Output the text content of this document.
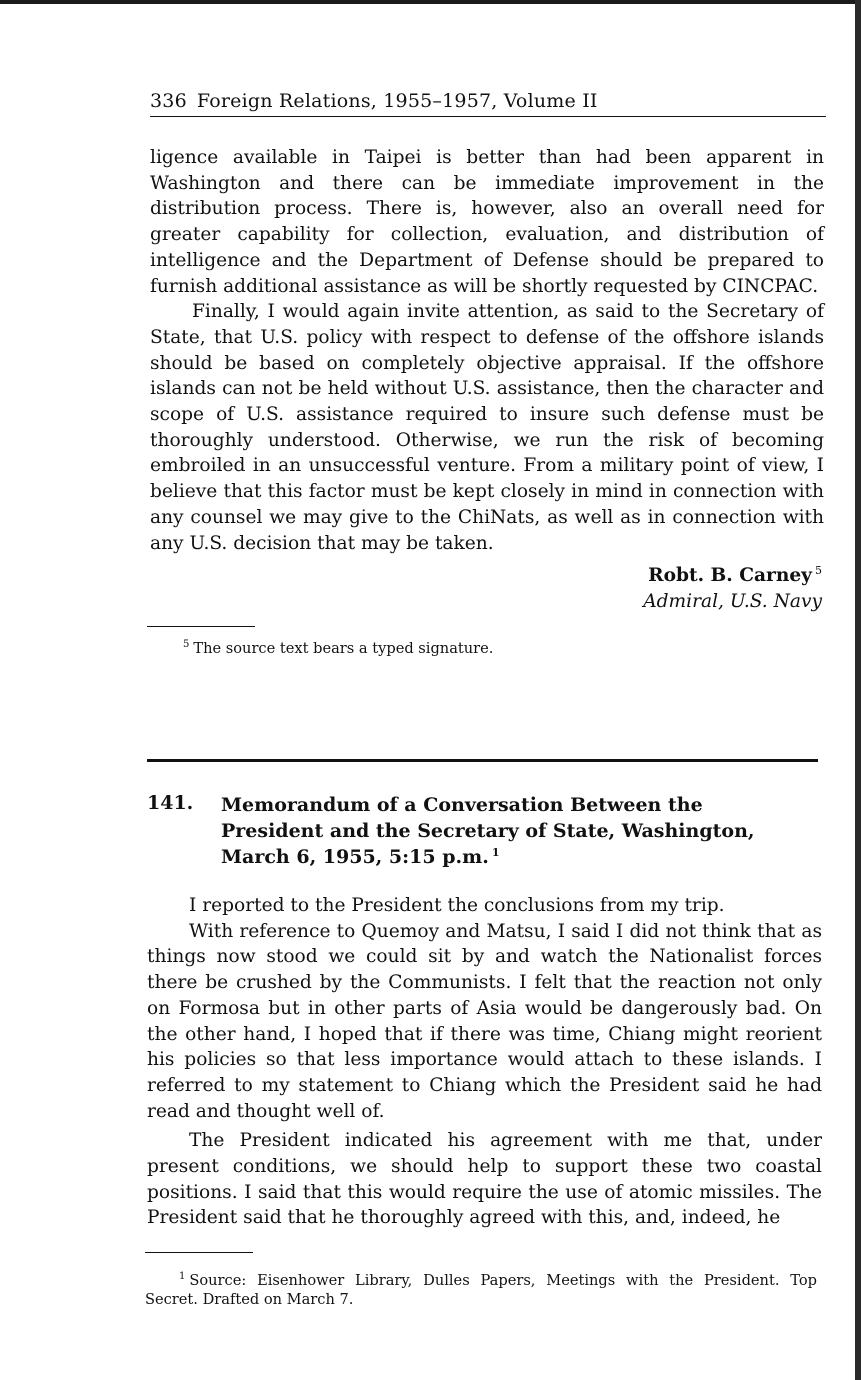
336 Foreign Relations, 1955–1957, Volume II

ligence available in Taipei is better than had been apparent in Washington and there can be immediate improvement in the distribution process. There is, however, also an overall need for greater capability for collection, evaluation, and distribution of intelligence and the Department of Defense should be prepared to furnish additional assistance as will be shortly requested by CINCPAC.

Finally, I would again invite attention, as said to the Secretary of State, that U.S. policy with respect to defense of the offshore islands should be based on completely objective appraisal. If the offshore islands can not be held without U.S. assistance, then the character and scope of U.S. assistance required to insure such defense must be thoroughly understood. Otherwise, we run the risk of becoming embroiled in an unsuccessful venture. From a military point of view, I believe that this factor must be kept closely in mind in connection with any counsel we may give to the ChiNats, as well as in connection with any U.S. decision that may be taken.

Robt. B. Carney $^5$
Admiral, U.S. Navy

$^5$ The source text bears a typed signature.

141. Memorandum of a Conversation Between the President and the Secretary of State, Washington, March 6, 1955, 5:15 p.m. $^1$

I reported to the President the conclusions from my trip.

With reference to Quemoy and Matsu, I said I did not think that as things now stood we could sit by and watch the Nationalist forces there be crushed by the Communists. I felt that the reaction not only on Formosa but in other parts of Asia would be dangerously bad. On the other hand, I hoped that if there was time, Chiang might reorient his policies so that less importance would attach to these islands. I referred to my statement to Chiang which the President said he had read and thought well of.

The President indicated his agreement with me that, under present conditions, we should help to support these two coastal positions. I said that this would require the use of atomic missiles. The President said that he thoroughly agreed with this, and, indeed, he

$^1$ Source: Eisenhower Library, Dulles Papers, Meetings with the President. Top Secret. Drafted on March 7.
